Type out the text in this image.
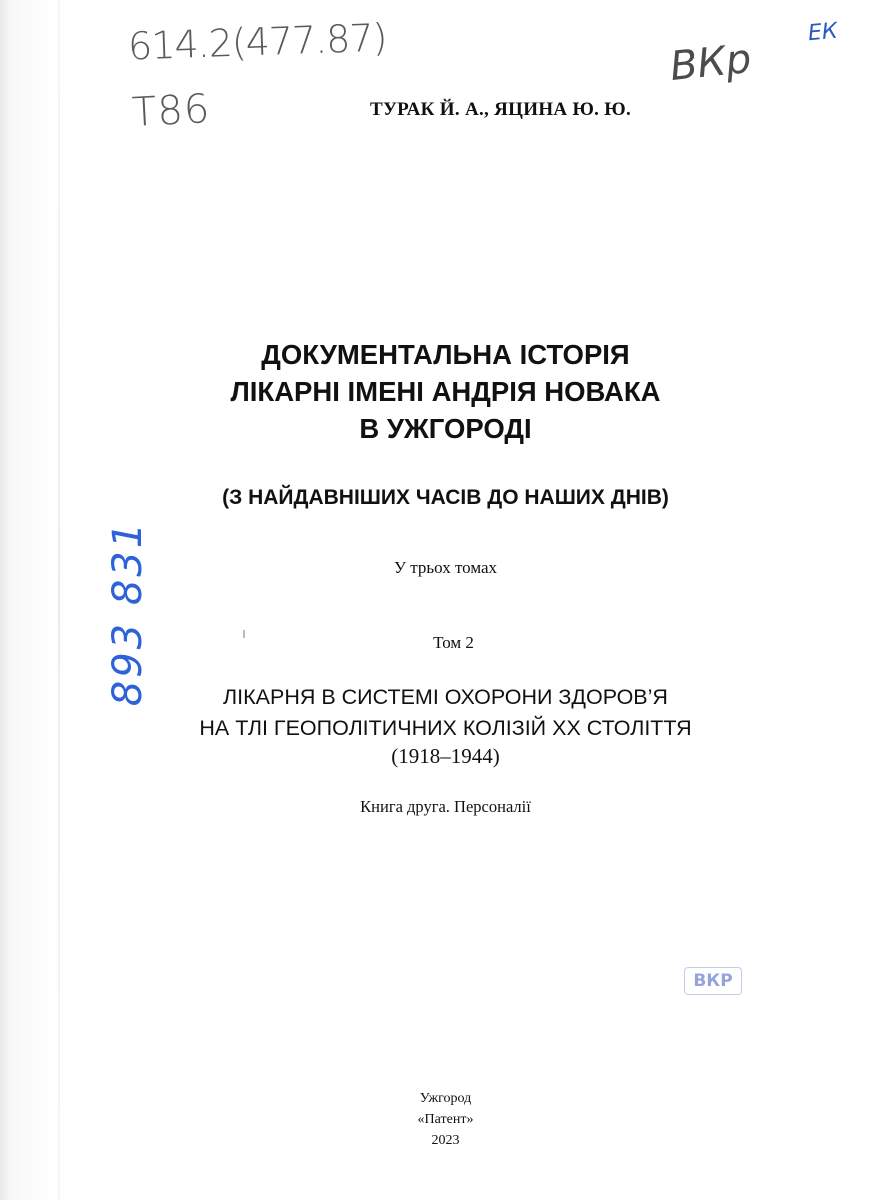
614.2(477.87)
Т86
ВКр
ЕК
893 831
ТУРАК Й. А., ЯЦИНА Ю. Ю.
ДОКУМЕНТАЛЬНА ІСТОРІЯ
ЛІКАРНІ ІМЕНІ АНДРІЯ НОВАКА
В УЖГОРОДІ
(З НАЙДАВНІШИХ ЧАСІВ ДО НАШИХ ДНІВ)
У трьох томах
Том 2
ЛІКАРНЯ В СИСТЕМІ ОХОРОНИ ЗДОРОВ’Я
НА ТЛІ ГЕОПОЛІТИЧНИХ КОЛІЗІЙ XX СТОЛІТТЯ
(1918–1944)
Книга друга. Персоналії
ВКР
Ужгород
«Патент»
2023
